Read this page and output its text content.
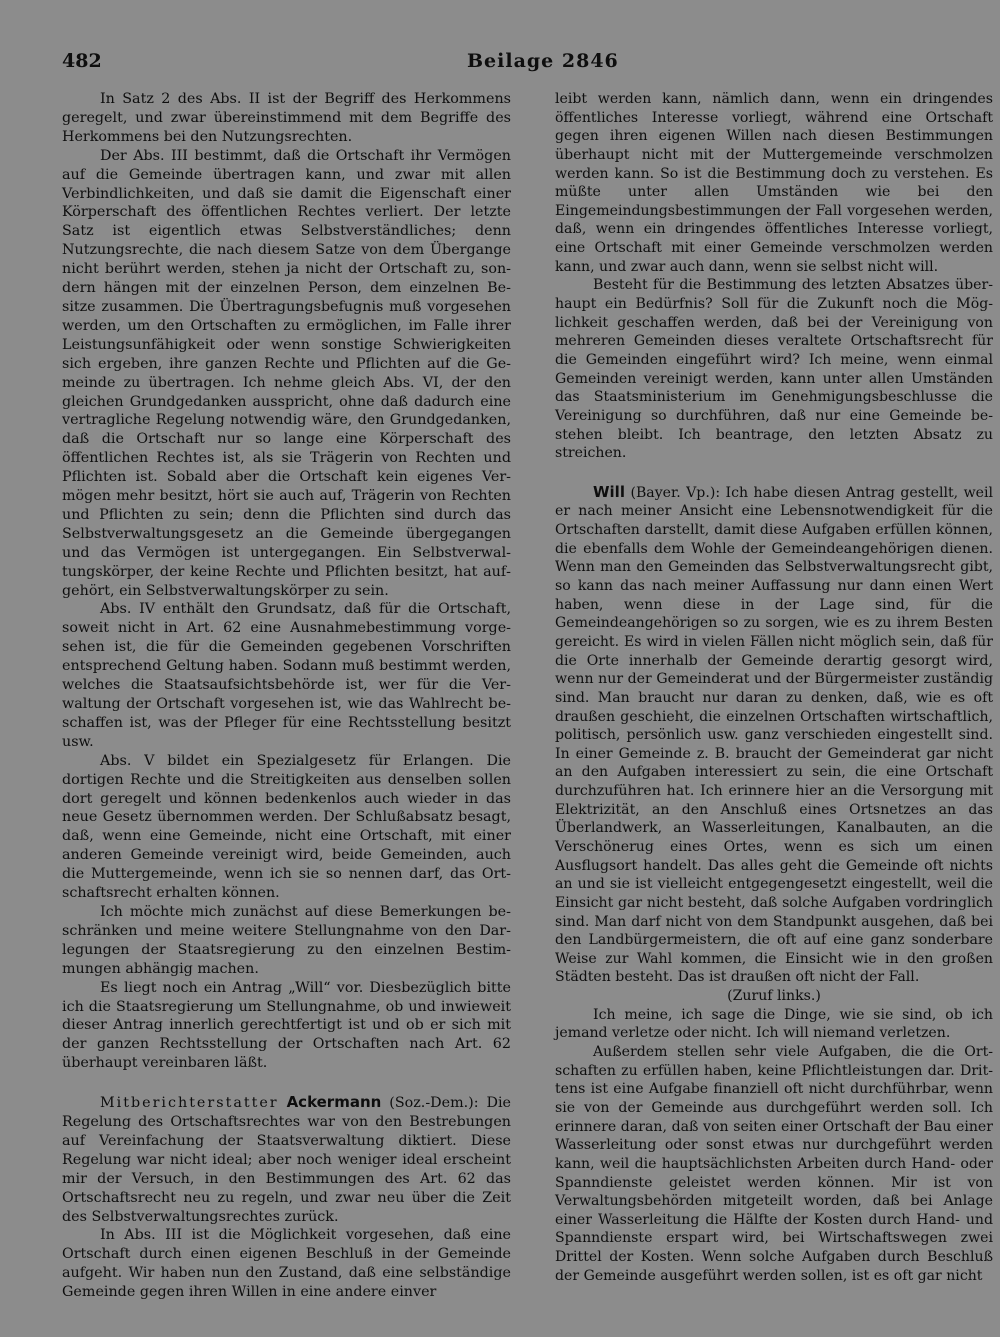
482	Beilage 2846

In Satz 2 des Abs. II ist der Begriff des Herkommens geregelt, und zwar übereinstimmend mit dem Begriffe des Herkommens bei den Nutzungsrechten.

Der Abs. III bestimmt, daß die Ortschaft ihr Vermögen auf die Gemeinde übertragen kann, und zwar mit allen Verbindlichkeiten, und daß sie damit die Eigenschaft einer Körperschaft des öffentlichen Rechtes verliert. Der letzte Satz ist eigentlich etwas Selbstverständliches; denn Nutzungsrechte, die nach diesem Satze von dem Übergange nicht berührt werden, stehen ja nicht der Ortschaft zu, sondern hängen mit der einzelnen Person, dem einzelnen Besitze zusammen. Die Übertragungsbefugnis muß vorgesehen werden, um den Ortschaften zu ermöglichen, im Falle ihrer Leistungsunfähigkeit oder wenn sonstige Schwierigkeiten sich ergeben, ihre ganzen Rechte und Pflichten auf die Gemeinde zu übertragen. Ich nehme gleich Abs. VI, der den gleichen Grundgedanken ausspricht, ohne daß dadurch eine vertragliche Regelung notwendig wäre, den Grundgedanken, daß die Ortschaft nur so lange eine Körperschaft des öffentlichen Rechtes ist, als sie Trägerin von Rechten und Pflichten ist. Sobald aber die Ortschaft kein eigenes Vermögen mehr besitzt, hört sie auch auf, Trägerin von Rechten und Pflichten zu sein; denn die Pflichten sind durch das Selbstverwaltungsgesetz an die Gemeinde übergegangen und das Vermögen ist untergegangen. Ein Selbstverwaltungskörper, der keine Rechte und Pflichten besitzt, hat aufgehört, ein Selbstverwaltungskörper zu sein.

Abs. IV enthält den Grundsatz, daß für die Ortschaft, soweit nicht in Art. 62 eine Ausnahmebestimmung vorgesehen ist, die für die Gemeinden gegebenen Vorschriften entsprechend Geltung haben. Sodann muß bestimmt werden, welches die Staatsaufsichtsbehörde ist, wer für die Verwaltung der Ortschaft vorgesehen ist, wie das Wahlrecht beschaffen ist, was der Pfleger für eine Rechtsstellung besitzt usw.

Abs. V bildet ein Spezialgesetz für Erlangen. Die dortigen Rechte und die Streitigkeiten aus denselben sollen dort geregelt und können bedenkenlos auch wieder in das neue Gesetz übernommen werden. Der Schlußabsatz besagt, daß, wenn eine Gemeinde, nicht eine Ortschaft, mit einer anderen Gemeinde vereinigt wird, beide Gemeinden, auch die Muttergemeinde, wenn ich sie so nennen darf, das Ortschaftsrecht erhalten können.

Ich möchte mich zunächst auf diese Bemerkungen beschränken und meine weitere Stellungnahme von den Darlegungen der Staatsregierung zu den einzelnen Bestimmungen abhängig machen.

Es liegt noch ein Antrag „Will“ vor. Diesbezüglich bitte ich die Staatsregierung um Stellungnahme, ob und inwieweit dieser Antrag innerlich gerechtfertigt ist und ob er sich mit der ganzen Rechtsstellung der Ortschaften nach Art. 62 überhaupt vereinbaren läßt.

Mitberichterstatter Ackermann (Soz.-Dem.): Die Regelung des Ortschaftsrechtes war von den Bestrebungen auf Vereinfachung der Staatsverwaltung diktiert. Diese Regelung war nicht ideal; aber noch weniger ideal erscheint mir der Versuch, in den Bestimmungen des Art. 62 das Ortschaftsrecht neu zu regeln, und zwar neu über die Zeit des Selbstverwaltungsrechtes zurück.

In Abs. III ist die Möglichkeit vorgesehen, daß eine Ortschaft durch einen eigenen Beschluß in der Gemeinde aufgeht. Wir haben nun den Zustand, daß eine selbständige Gemeinde gegen ihren Willen in eine andere einver

leibt werden kann, nämlich dann, wenn ein dringendes öffentliches Interesse vorliegt, während eine Ortschaft gegen ihren eigenen Willen nach diesen Bestimmungen überhaupt nicht mit der Muttergemeinde verschmolzen werden kann. So ist die Bestimmung doch zu verstehen. Es müßte unter allen Umständen wie bei den Eingemeindungsbestimmungen der Fall vorgesehen werden, daß, wenn ein dringendes öffentliches Interesse vorliegt, eine Ortschaft mit einer Gemeinde verschmolzen werden kann, und zwar auch dann, wenn sie selbst nicht will.

Besteht für die Bestimmung des letzten Absatzes überhaupt ein Bedürfnis? Soll für die Zukunft noch die Möglichkeit geschaffen werden, daß bei der Vereinigung von mehreren Gemeinden dieses veraltete Ortschaftsrecht für die Gemeinden eingeführt wird? Ich meine, wenn einmal Gemeinden vereinigt werden, kann unter allen Umständen das Staatsministerium im Genehmigungsbeschlusse die Vereinigung so durchführen, daß nur eine Gemeinde bestehen bleibt. Ich beantrage, den letzten Absatz zu streichen.

Will (Bayer. Vp.): Ich habe diesen Antrag gestellt, weil er nach meiner Ansicht eine Lebensnotwendigkeit für die Ortschaften darstellt, damit diese Aufgaben erfüllen können, die ebenfalls dem Wohle der Gemeindeangehörigen dienen. Wenn man den Gemeinden das Selbstverwaltungsrecht gibt, so kann das nach meiner Auffassung nur dann einen Wert haben, wenn diese in der Lage sind, für die Gemeindeangehörigen so zu sorgen, wie es zu ihrem Besten gereicht. Es wird in vielen Fällen nicht möglich sein, daß für die Orte innerhalb der Gemeinde derartig gesorgt wird, wenn nur der Gemeinderat und der Bürgermeister zuständig sind. Man braucht nur daran zu denken, daß, wie es oft draußen geschieht, die einzelnen Ortschaften wirtschaftlich, politisch, persönlich usw. ganz verschieden eingestellt sind. In einer Gemeinde z. B. braucht der Gemeinderat gar nicht an den Aufgaben interessiert zu sein, die eine Ortschaft durchzuführen hat. Ich erinnere hier an die Versorgung mit Elektrizität, an den Anschluß eines Ortsnetzes an das Überlandwerk, an Wasserleitungen, Kanalbauten, an die Verschönerug eines Ortes, wenn es sich um einen Ausflugsort handelt. Das alles geht die Gemeinde oft nichts an und sie ist vielleicht entgegengesetzt eingestellt, weil die Einsicht gar nicht besteht, daß solche Aufgaben vordringlich sind. Man darf nicht von dem Standpunkt ausgehen, daß bei den Landbürgermeistern, die oft auf eine ganz sonderbare Weise zur Wahl kommen, die Einsicht wie in den großen Städten besteht. Das ist draußen oft nicht der Fall.

(Zuruf links.)

Ich meine, ich sage die Dinge, wie sie sind, ob ich jemand verletze oder nicht. Ich will niemand verletzen.

Außerdem stellen sehr viele Aufgaben, die die Ortschaften zu erfüllen haben, keine Pflichtleistungen dar. Drittens ist eine Aufgabe finanziell oft nicht durchführbar, wenn sie von der Gemeinde aus durchgeführt werden soll. Ich erinnere daran, daß von seiten einer Ortschaft der Bau einer Wasserleitung oder sonst etwas nur durchgeführt werden kann, weil die hauptsächlichsten Arbeiten durch Hand- oder Spanndienste geleistet werden können. Mir ist von Verwaltungsbehörden mitgeteilt worden, daß bei Anlage einer Wasserleitung die Hälfte der Kosten durch Hand- und Spanndienste erspart wird, bei Wirtschaftswegen zwei Drittel der Kosten. Wenn solche Aufgaben durch Beschluß der Gemeinde ausgeführt werden sollen, ist es oft gar nicht
